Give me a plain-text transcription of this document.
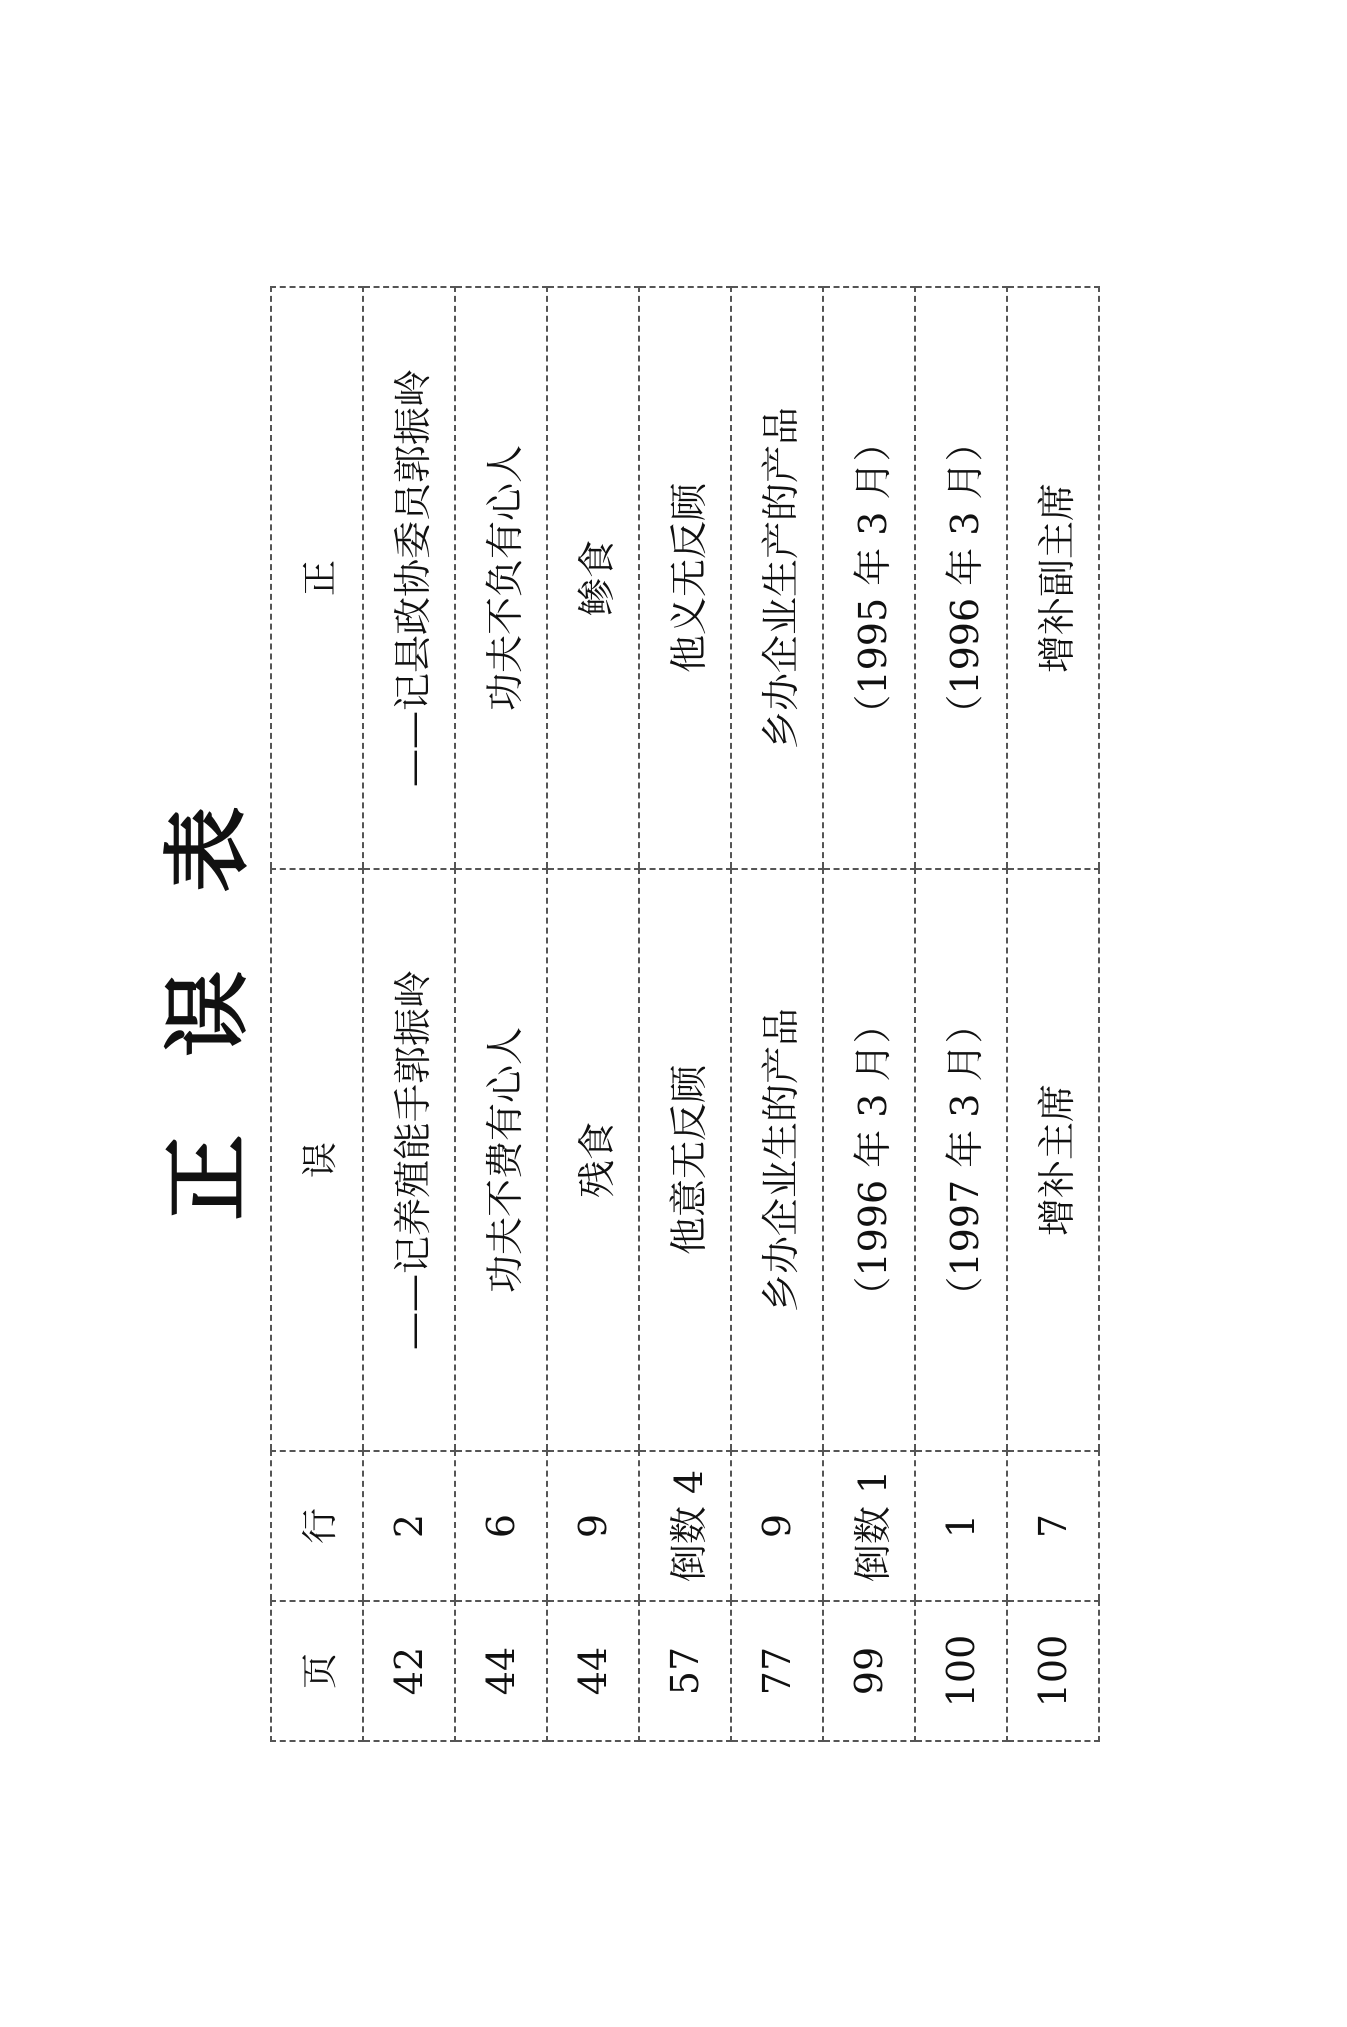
正误表
页	行	误	正
42	2	——记养殖能手郭振岭	——记县政协委员郭振岭
44	6	功夫不费有心人	功夫不负有心人
44	9	残食	鲹食
57	倒数 4	他意无反顾	他义无反顾
77	9	乡办企业生的产品	乡办企业生产的产品
99	倒数 1	（1996 年 3 月）	（1995 年 3 月）
100	1	（1997 年 3 月）	（1996 年 3 月）
100	7	增补主席	增补副主席
